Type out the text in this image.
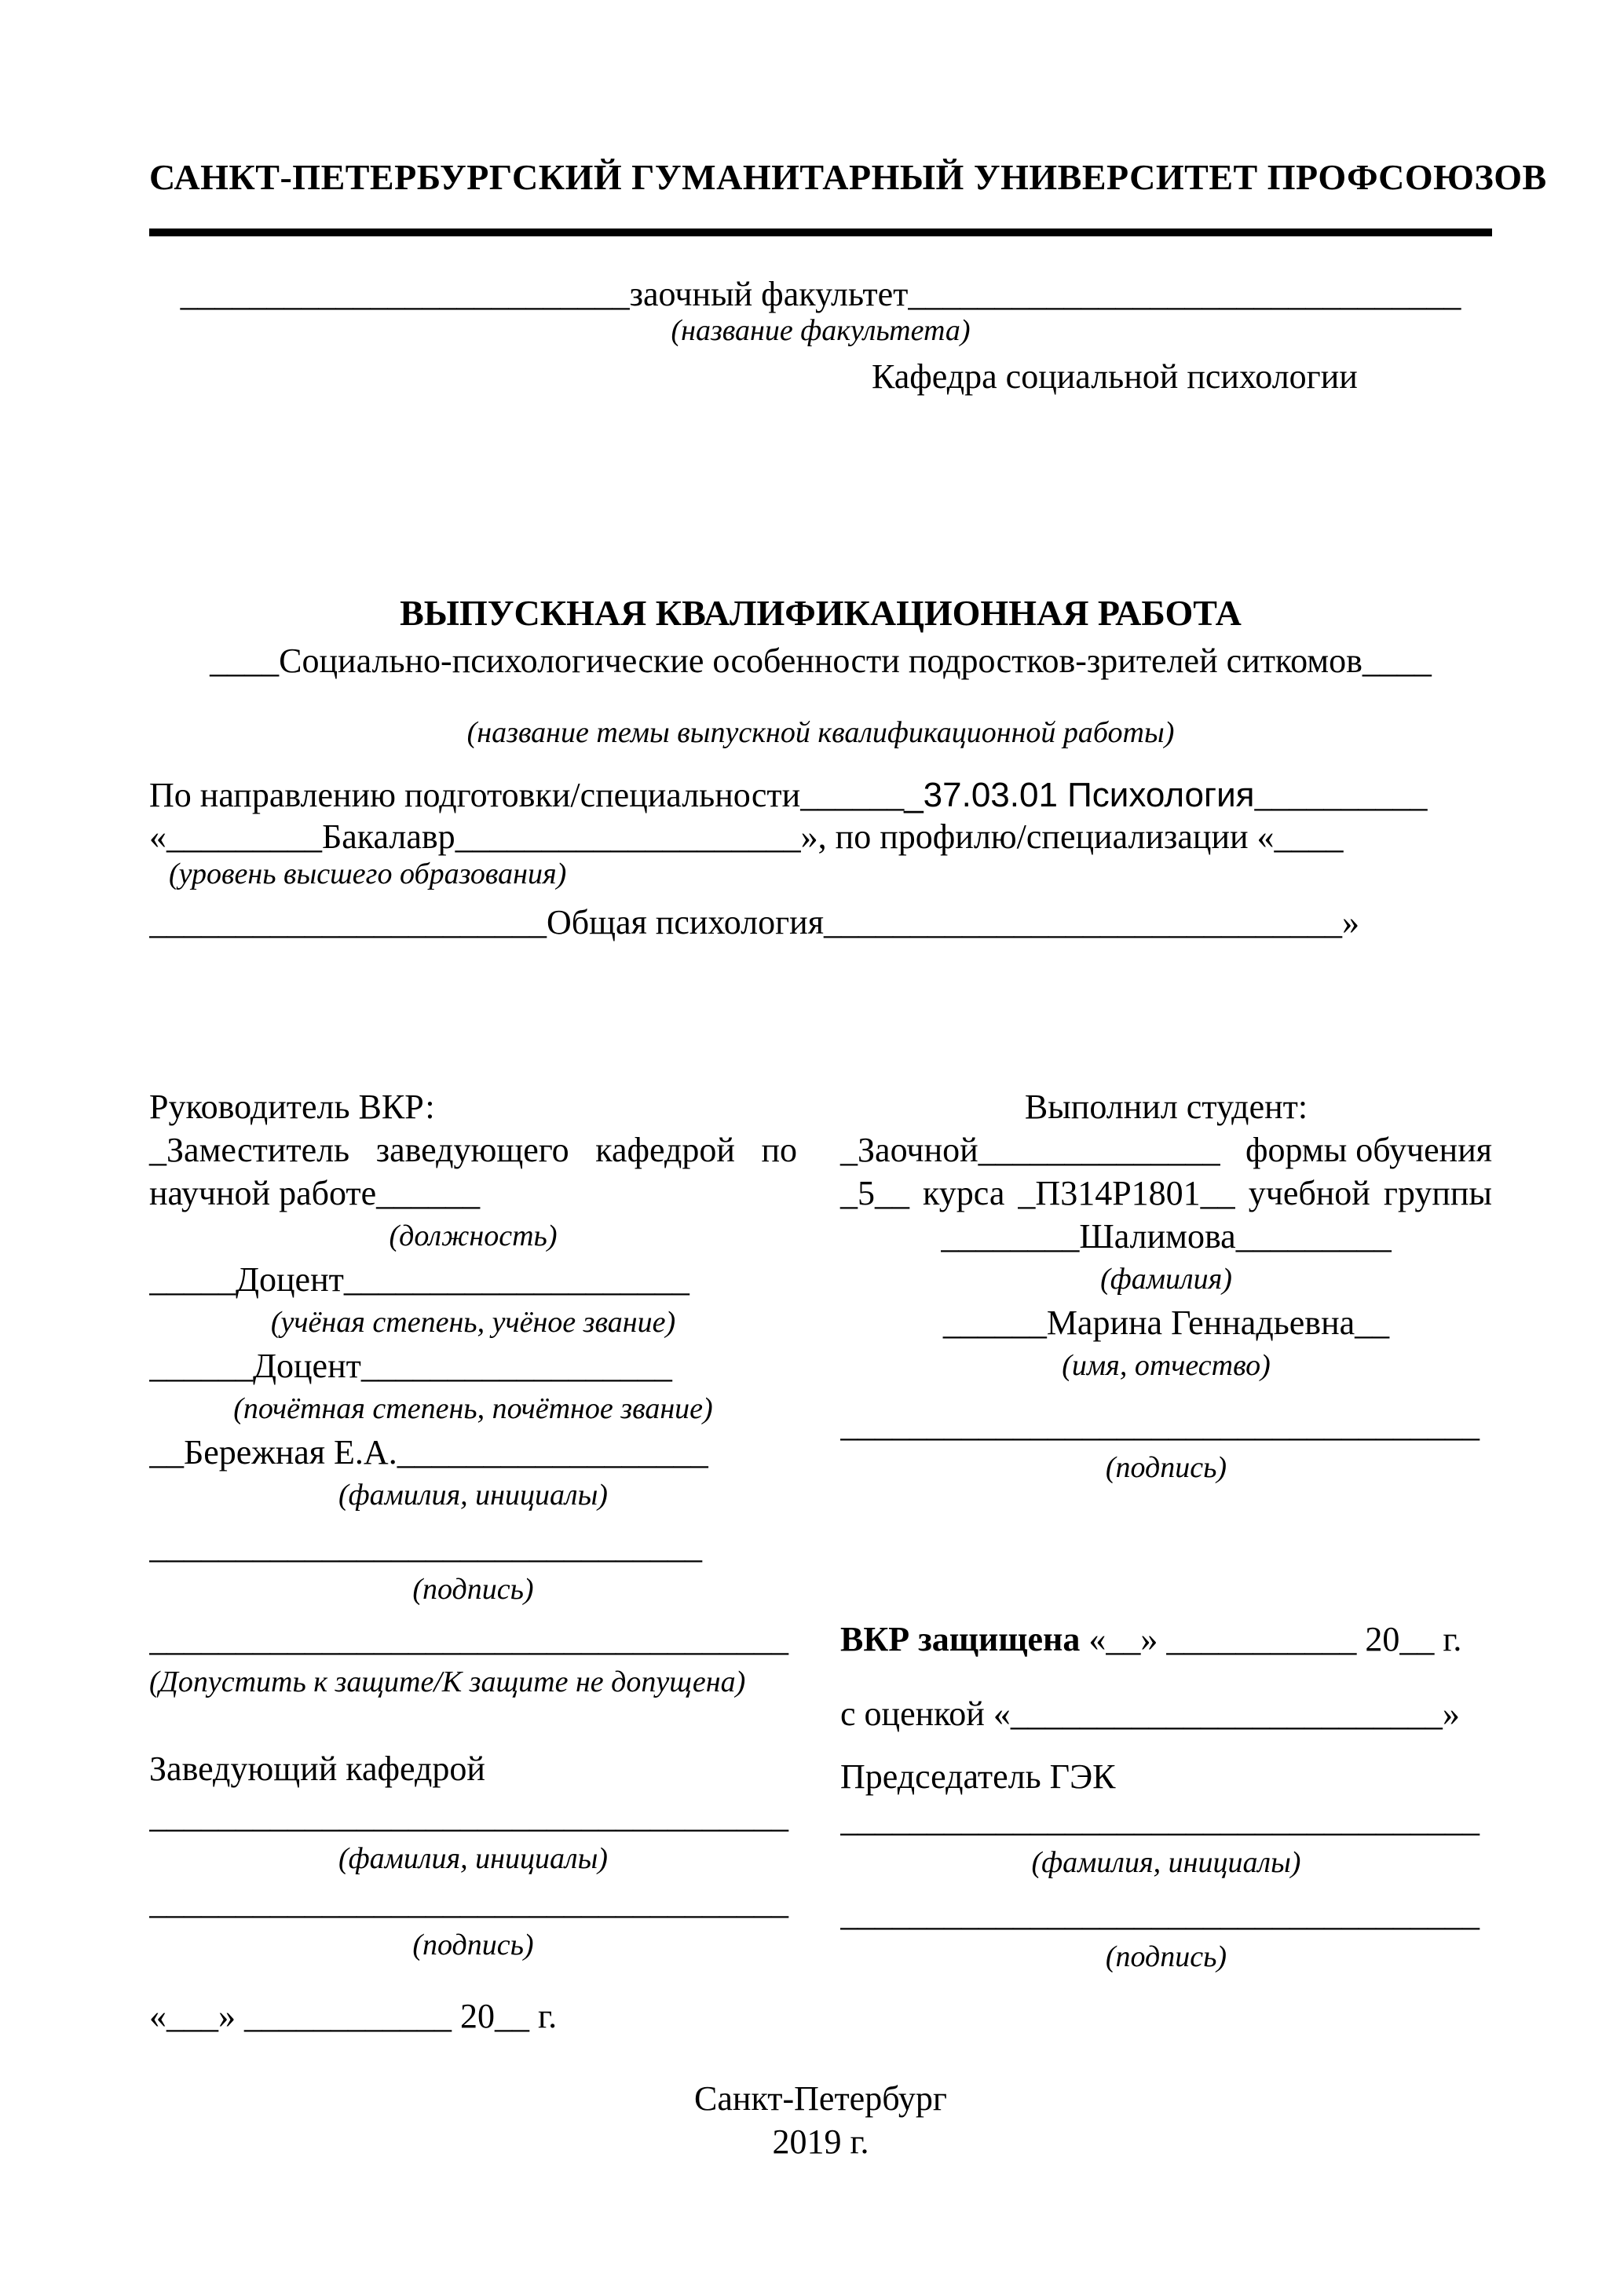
САНКТ-ПЕТЕРБУРГСКИЙ ГУМАНИТАРНЫЙ УНИВЕРСИТЕТ ПРОФСОЮЗОВ
__________________________заочный факультет________________________________
(название факультета)
Кафедра социальной психологии
ВЫПУСКНАЯ КВАЛИФИКАЦИОННАЯ РАБОТА
____Социально-психологические особенности подростков-зрителей ситкомов____
(название темы выпускной квалификационной работы)
По направлению подготовки/специальности_______37.03.01 Психология__________
«_________Бакалавр____________________», по профилю/специализации «____
(уровень высшего образования)
_______________________Общая психология______________________________»
Руководитель ВКР:
_Заместитель заведующего кафедрой по
научной работе______
(должность)
_____Доцент____________________
(учёная степень, учёное звание)
______Доцент__________________
(почётная степень, почётное звание)
__Бережная Е.А.__________________
(фамилия, инициалы)
________________________________
(подпись)
Выполнил студент:
_Заочной______________ формы обучения
_5__ курса _П314Р1801__ учебной группы
________Шалимова_________
(фамилия)
______Марина Геннадьевна__
(имя, отчество)
_____________________________________
(подпись)
_____________________________________
(Допустить к защите/К защите не допущена)
Заведующий кафедрой
_____________________________________
(фамилия, инициалы)
_____________________________________
(подпись)
«___» ____________ 20__ г.
ВКР защищена «__» ___________ 20__ г.
с оценкой «_________________________»
Председатель ГЭК
_____________________________________
(фамилия, инициалы)
_____________________________________
(подпись)
Санкт-Петербург
2019 г.
